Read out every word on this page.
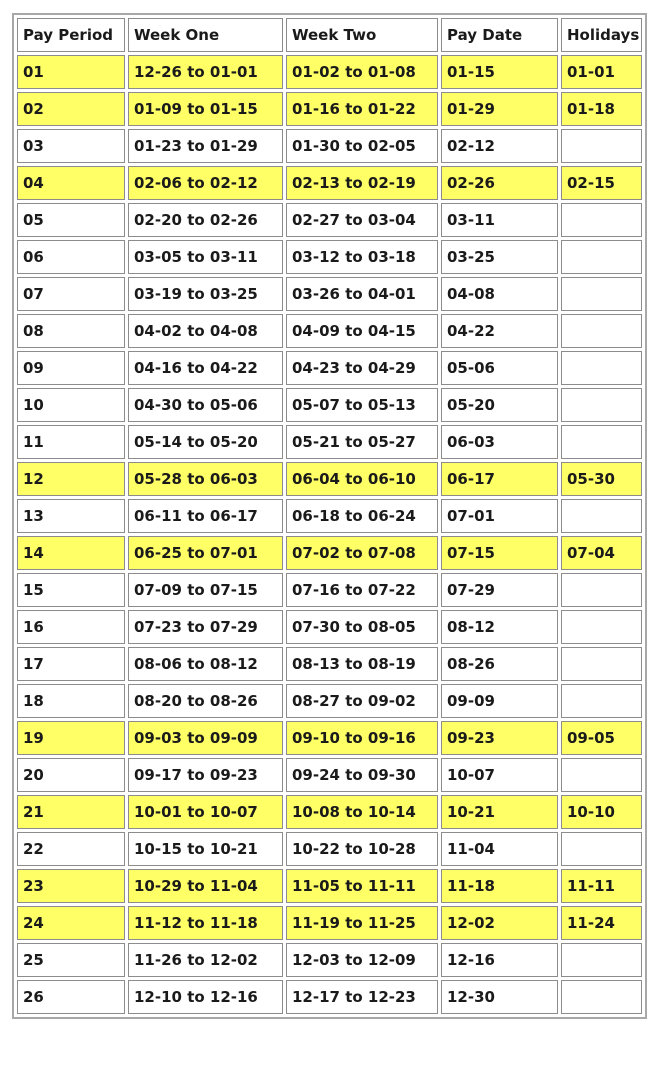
Pay Period	Week One	Week Two	Pay Date	Holidays
01	12-26 to 01-01	01-02 to 01-08	01-15	01-01
02	01-09 to 01-15	01-16 to 01-22	01-29	01-18
03	01-23 to 01-29	01-30 to 02-05	02-12	
04	02-06 to 02-12	02-13 to 02-19	02-26	02-15
05	02-20 to 02-26	02-27 to 03-04	03-11	
06	03-05 to 03-11	03-12 to 03-18	03-25	
07	03-19 to 03-25	03-26 to 04-01	04-08	
08	04-02 to 04-08	04-09 to 04-15	04-22	
09	04-16 to 04-22	04-23 to 04-29	05-06	
10	04-30 to 05-06	05-07 to 05-13	05-20	
11	05-14 to 05-20	05-21 to 05-27	06-03	
12	05-28 to 06-03	06-04 to 06-10	06-17	05-30
13	06-11 to 06-17	06-18 to 06-24	07-01	
14	06-25 to 07-01	07-02 to 07-08	07-15	07-04
15	07-09 to 07-15	07-16 to 07-22	07-29	
16	07-23 to 07-29	07-30 to 08-05	08-12	
17	08-06 to 08-12	08-13 to 08-19	08-26	
18	08-20 to 08-26	08-27 to 09-02	09-09	
19	09-03 to 09-09	09-10 to 09-16	09-23	09-05
20	09-17 to 09-23	09-24 to 09-30	10-07	
21	10-01 to 10-07	10-08 to 10-14	10-21	10-10
22	10-15 to 10-21	10-22 to 10-28	11-04	
23	10-29 to 11-04	11-05 to 11-11	11-18	11-11
24	11-12 to 11-18	11-19 to 11-25	12-02	11-24
25	11-26 to 12-02	12-03 to 12-09	12-16	
26	12-10 to 12-16	12-17 to 12-23	12-30	
